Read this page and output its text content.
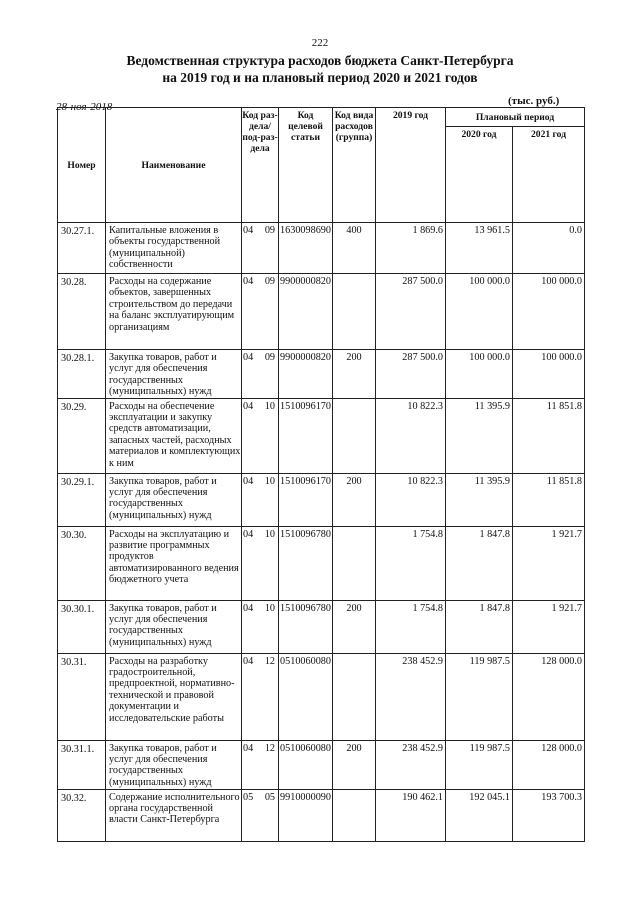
222
Ведомственная структура расходов бюджета Санкт-Петербурга
на 2019 год и на плановый период 2020 и 2021 годов
28-ноя-2018	(тыс. руб.)
Номер	Наименование	Код раз-дела/ под-раз-дела	Код целевой статьи	Код вида расходов (группа)	2019 год	Плановый период	
						2020 год	2021 год
30.27.1.	Капитальные вложения в объекты государственной (муниципальной) собственности	04 09	1630098690	400	1 869.6	13 961.5	0.0
30.28.	Расходы на содержание объектов, завершенных строительством до передачи на баланс эксплуатирующим организациям	04 09	9900000820		287 500.0	100 000.0	100 000.0
30.28.1.	Закупка товаров, работ и услуг для обеспечения государственных (муниципальных) нужд	04 09	9900000820	200	287 500.0	100 000.0	100 000.0
30.29.	Расходы на обеспечение эксплуатации и закупку средств автоматизации, запасных частей, расходных материалов и комплектующих к ним	04 10	1510096170		10 822.3	11 395.9	11 851.8
30.29.1.	Закупка товаров, работ и услуг для обеспечения государственных (муниципальных) нужд	04 10	1510096170	200	10 822.3	11 395.9	11 851.8
30.30.	Расходы на эксплуатацию и развитие программных продуктов автоматизированного ведения бюджетного учета	04 10	1510096780		1 754.8	1 847.8	1 921.7
30.30.1.	Закупка товаров, работ и услуг для обеспечения государственных (муниципальных) нужд	04 10	1510096780	200	1 754.8	1 847.8	1 921.7
30.31.	Расходы на разработку градостроительной, предпроектной, нормативно-технической и правовой документации и исследовательские работы	04 12	0510060080		238 452.9	119 987.5	128 000.0
30.31.1.	Закупка товаров, работ и услуг для обеспечения государственных (муниципальных) нужд	04 12	0510060080	200	238 452.9	119 987.5	128 000.0
30.32.	Содержание исполнительного органа государственной власти Санкт-Петербурга	05 05	9910000090		190 462.1	192 045.1	193 700.3
